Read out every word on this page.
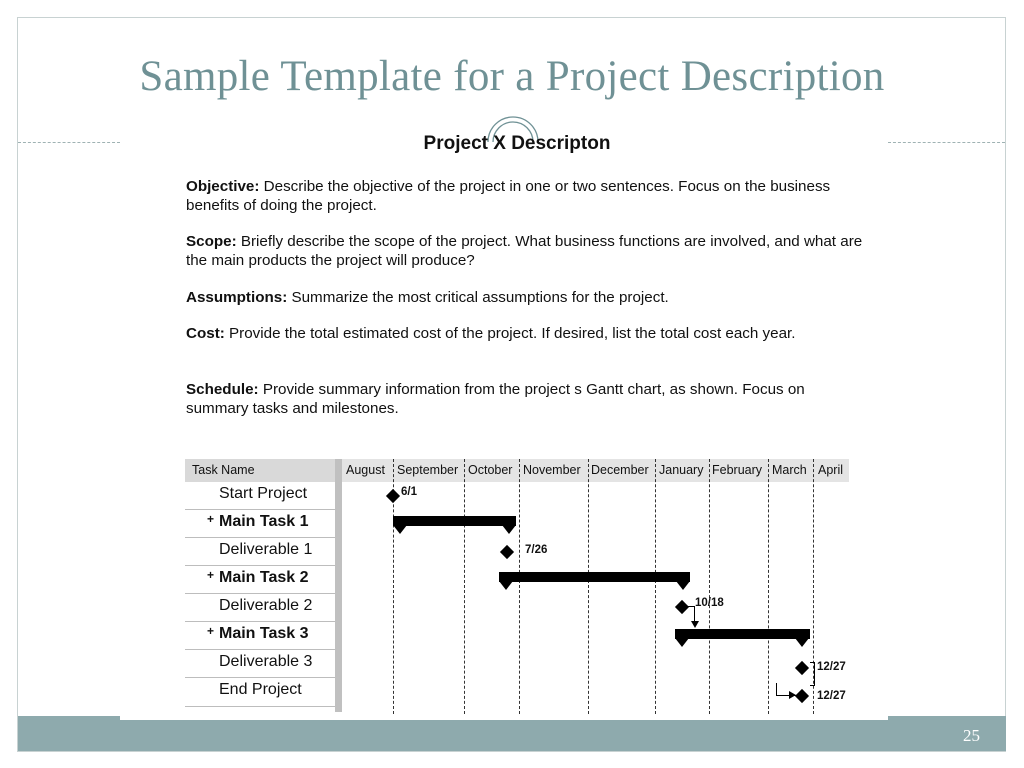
Sample Template for a Project Description
25
Project X Descripton

Objective: Describe the objective of the project in one or two sentences. Focus on the business benefits of doing the project.

Scope: Briefly describe the scope of the project. What business functions are involved, and what are the main products the project will produce?

Assumptions: Summarize the most critical assumptions for the project.

Cost: Provide the total estimated cost of the project. If desired, list the total cost each year.

Schedule: Provide summary information from the project s Gantt chart, as shown. Focus on summary tasks and milestones.

Task Name	August September October November December January February March April
Start Project
+ Main Task 1
Deliverable 1
+ Main Task 2
Deliverable 2
+ Main Task 3
Deliverable 3
End Project
6/1
7/26
10/18
12/27
12/27
